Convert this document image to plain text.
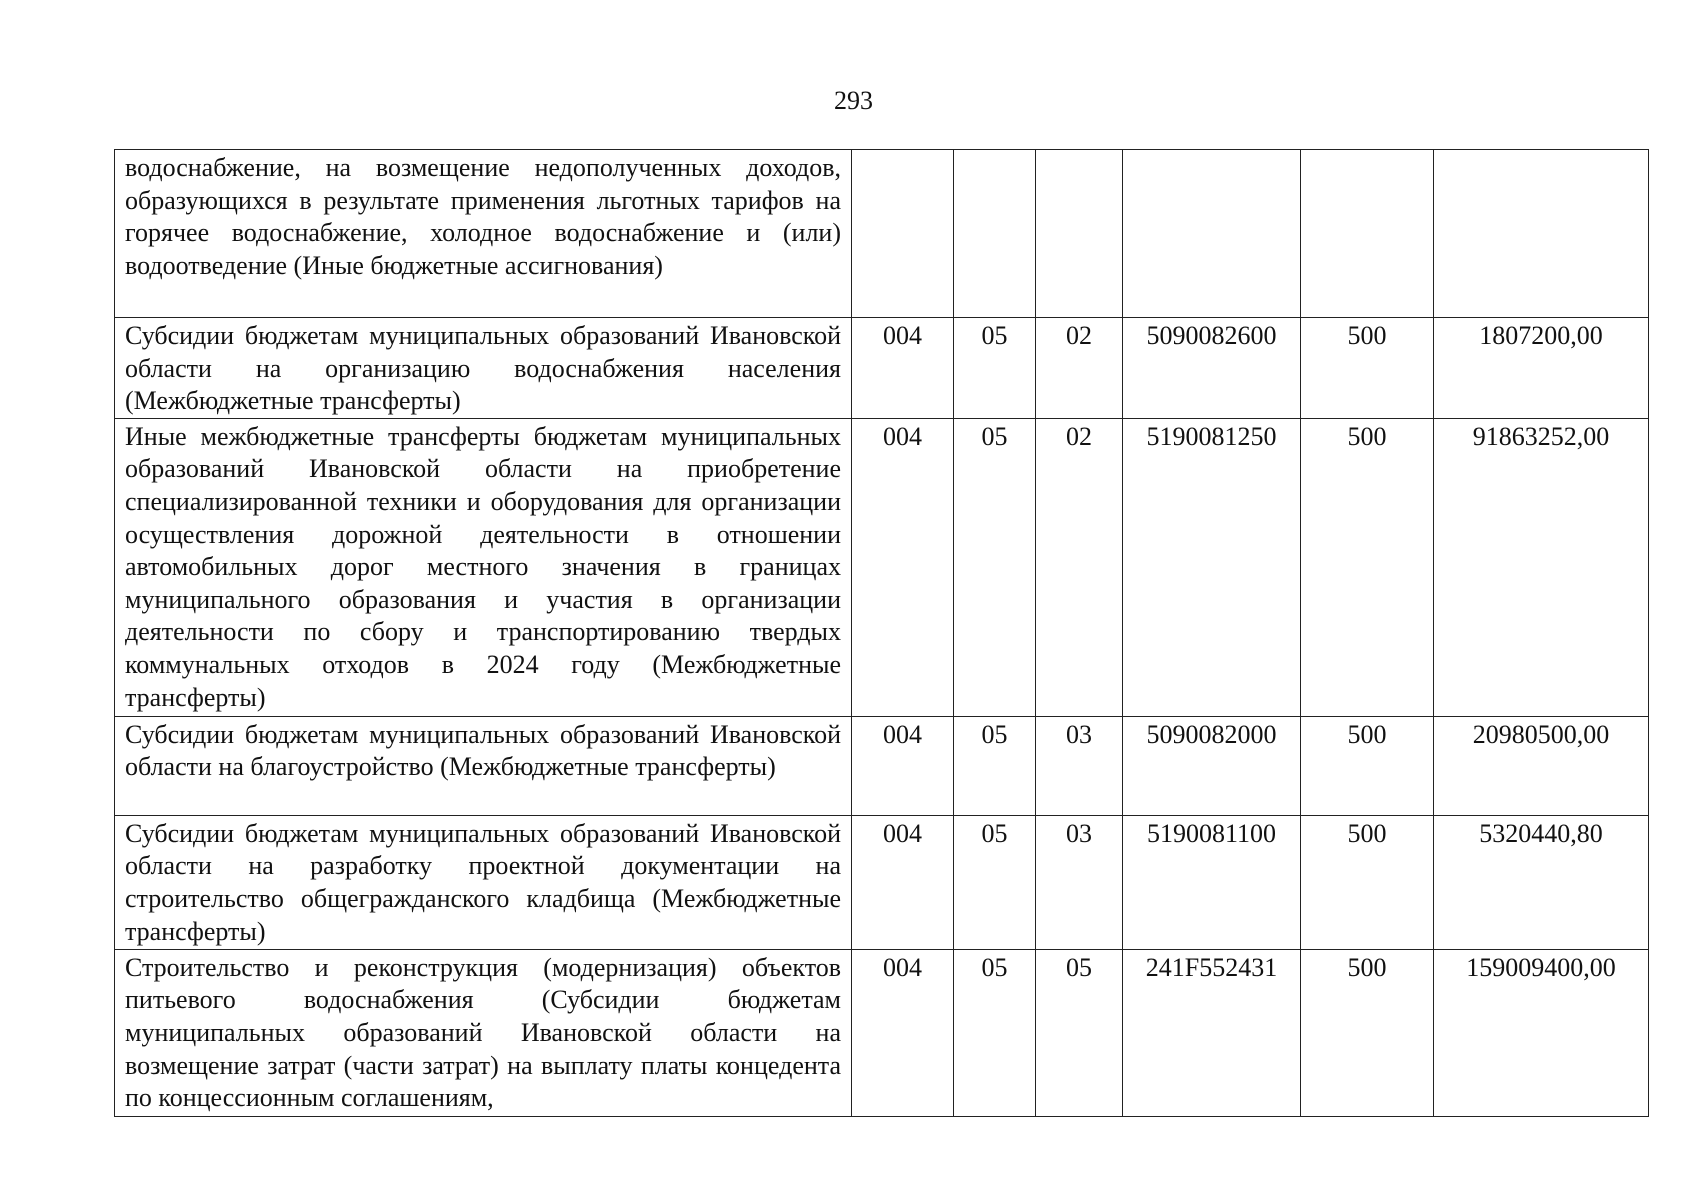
293
водоснабжение, на возмещение недополученных доходов, образующихся в результате применения льготных тарифов на горячее водоснабжение, холодное водоснабжение и (или) водоотведение (Иные бюджетные ассигнования)						
Субсидии бюджетам муниципальных образований Ивановской области на организацию водоснабжения населения (Межбюджетные трансферты)	004	05	02	5090082600	500	1807200,00
Иные межбюджетные трансферты бюджетам муниципальных образований Ивановской области на приобретение специализированной техники и оборудования для организации осуществления дорожной деятельности в отношении автомобильных дорог местного значения в границах муниципального образования и участия в организации деятельности по сбору и транспортированию твердых коммунальных отходов в 2024 году (Межбюджетные трансферты)	004	05	02	5190081250	500	91863252,00
Субсидии бюджетам муниципальных образований Ивановской области на благоустройство (Межбюджетные трансферты)	004	05	03	5090082000	500	20980500,00
Субсидии бюджетам муниципальных образований Ивановской области на разработку проектной документации на строительство общегражданского кладбища (Межбюджетные трансферты)	004	05	03	5190081100	500	5320440,80
Строительство и реконструкция (модернизация) объектов питьевого водоснабжения (Субсидии бюджетам муниципальных образований Ивановской области на возмещение затрат (части затрат) на выплату платы концедента по концессионным соглашениям,	004	05	05	241F552431	500	159009400,00
